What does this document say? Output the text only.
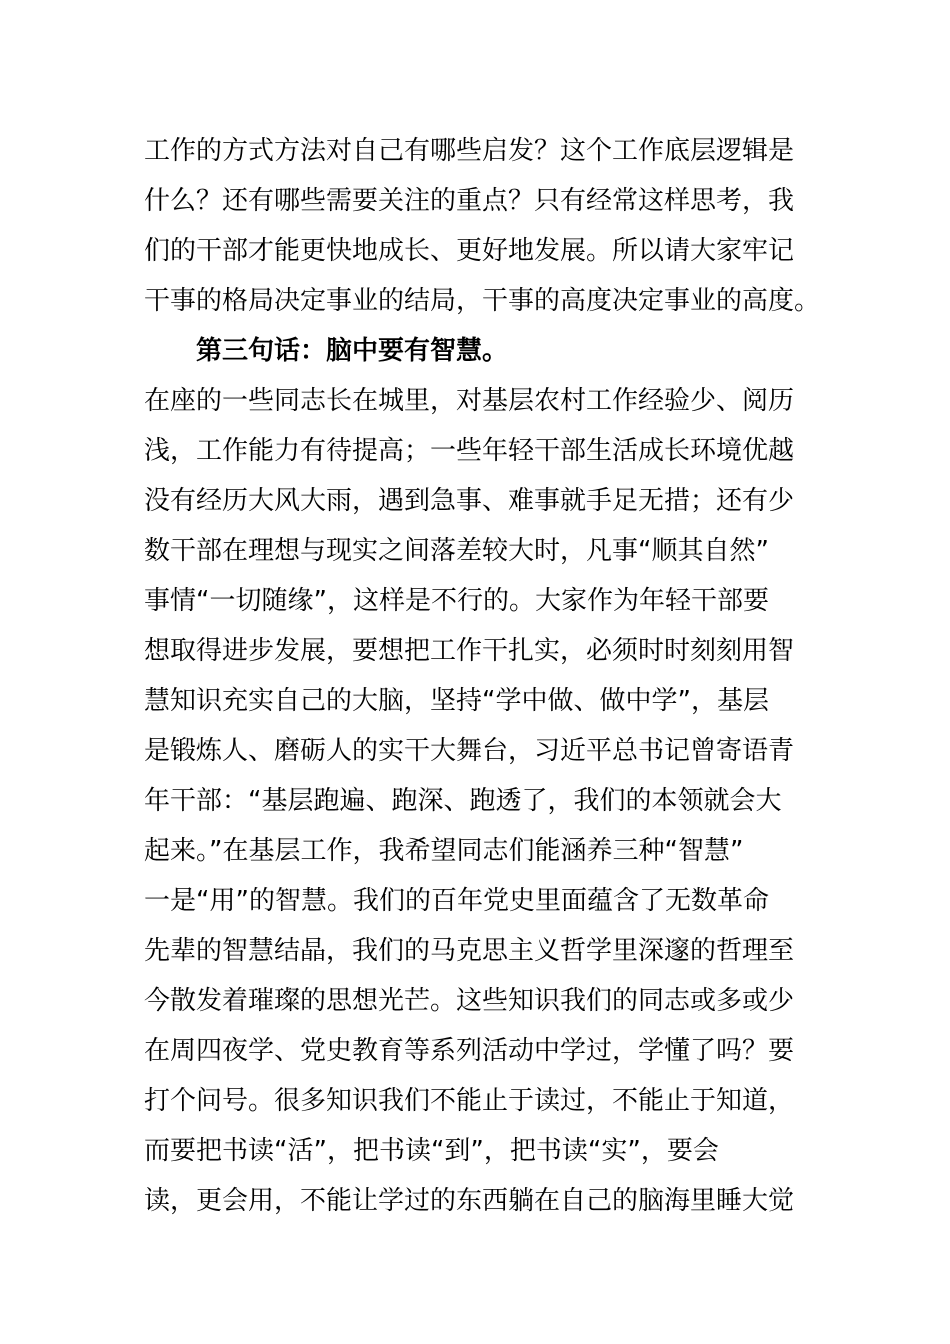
工作的方式方法对自己有哪些启发？这个工作底层逻辑是
什么？还有哪些需要关注的重点？只有经常这样思考，我
们的干部才能更快地成长、更好地发展。所以请大家牢记
干事的格局决定事业的结局，干事的高度决定事业的高度。
第三句话：脑中要有智慧。
在座的一些同志长在城里，对基层农村工作经验少、阅历
浅，工作能力有待提高；一些年轻干部生活成长环境优越
没有经历大风大雨，遇到急事、难事就手足无措；还有少
数干部在理想与现实之间落差较大时，凡事“顺其自然”
事情“一切随缘”，这样是不行的。大家作为年轻干部要
想取得进步发展，要想把工作干扎实，必须时时刻刻用智
慧知识充实自己的大脑，坚持“学中做、做中学”，基层
是锻炼人、磨砺人的实干大舞台，习近平总书记曾寄语青
年干部：“基层跑遍、跑深、跑透了，我们的本领就会大
起来。”在基层工作，我希望同志们能涵养三种“智慧”
一是“用”的智慧。我们的百年党史里面蕴含了无数革命
先辈的智慧结晶，我们的马克思主义哲学里深邃的哲理至
今散发着璀璨的思想光芒。这些知识我们的同志或多或少
在周四夜学、党史教育等系列活动中学过，学懂了吗？要
打个问号。很多知识我们不能止于读过，不能止于知道，
而要把书读“活”，把书读“到”，把书读“实”，要会
读，更会用，不能让学过的东西躺在自己的脑海里睡大觉
